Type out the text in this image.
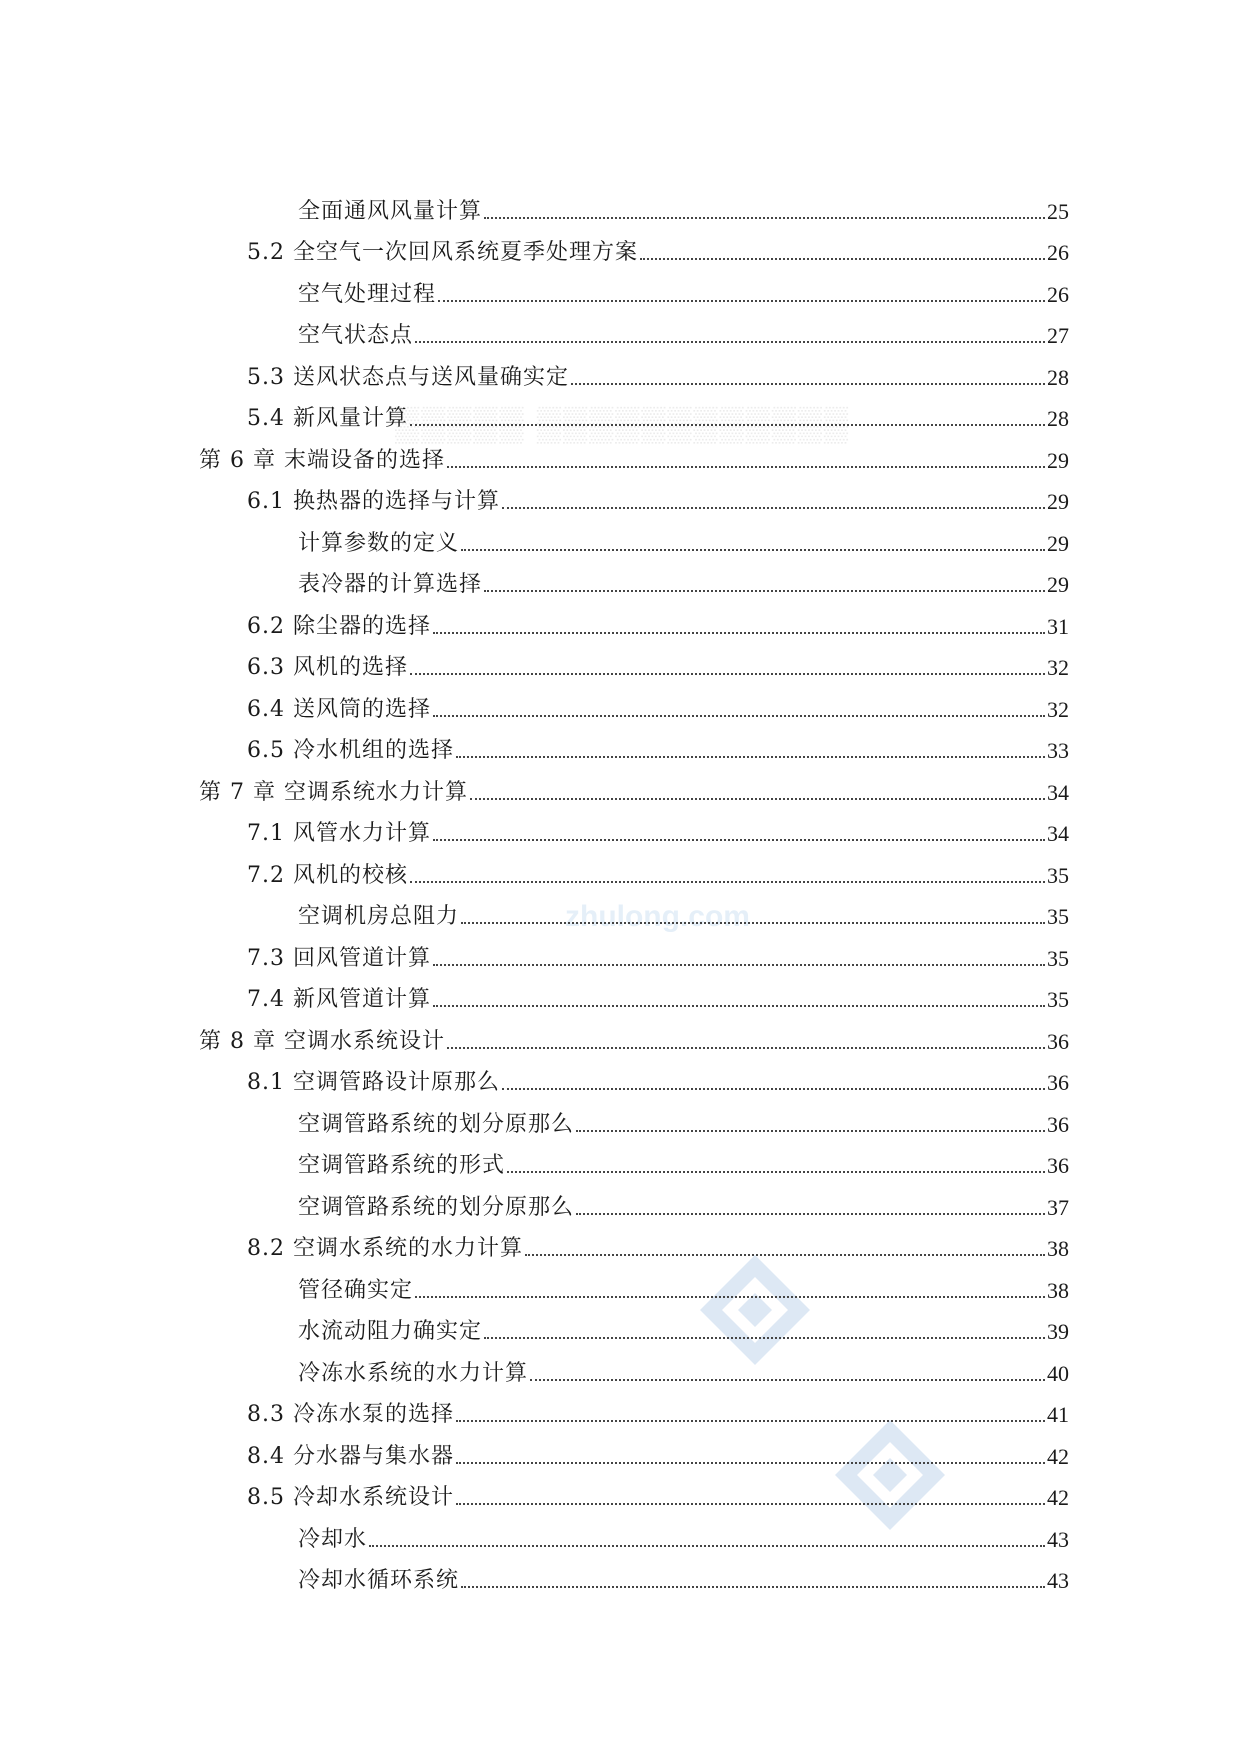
▒▒▒▒▒ ▒▒▒▒▒▒▒▒▒▒▒▒
zhulong.com
全面通风风量计算	25
5.2 全空气一次回风系统夏季处理方案	26
空气处理过程	26
空气状态点	27
5.3 送风状态点与送风量确实定	28
5.4 新风量计算	28
第 6 章 末端设备的选择	29
6.1 换热器的选择与计算	29
计算参数的定义	29
表冷器的计算选择	29
6.2 除尘器的选择	31
6.3 风机的选择	32
6.4 送风筒的选择	32
6.5 冷水机组的选择	33
第 7 章 空调系统水力计算	34
7.1 风管水力计算	34
7.2 风机的校核	35
空调机房总阻力	35
7.3 回风管道计算	35
7.4 新风管道计算	35
第 8 章 空调水系统设计	36
8.1 空调管路设计原那么	36
空调管路系统的划分原那么	36
空调管路系统的形式	36
空调管路系统的划分原那么	37
8.2 空调水系统的水力计算	38
管径确实定	38
水流动阻力确实定	39
冷冻水系统的水力计算	40
8.3 冷冻水泵的选择	41
8.4 分水器与集水器	42
8.5 冷却水系统设计	42
冷却水	43
冷却水循环系统	43
